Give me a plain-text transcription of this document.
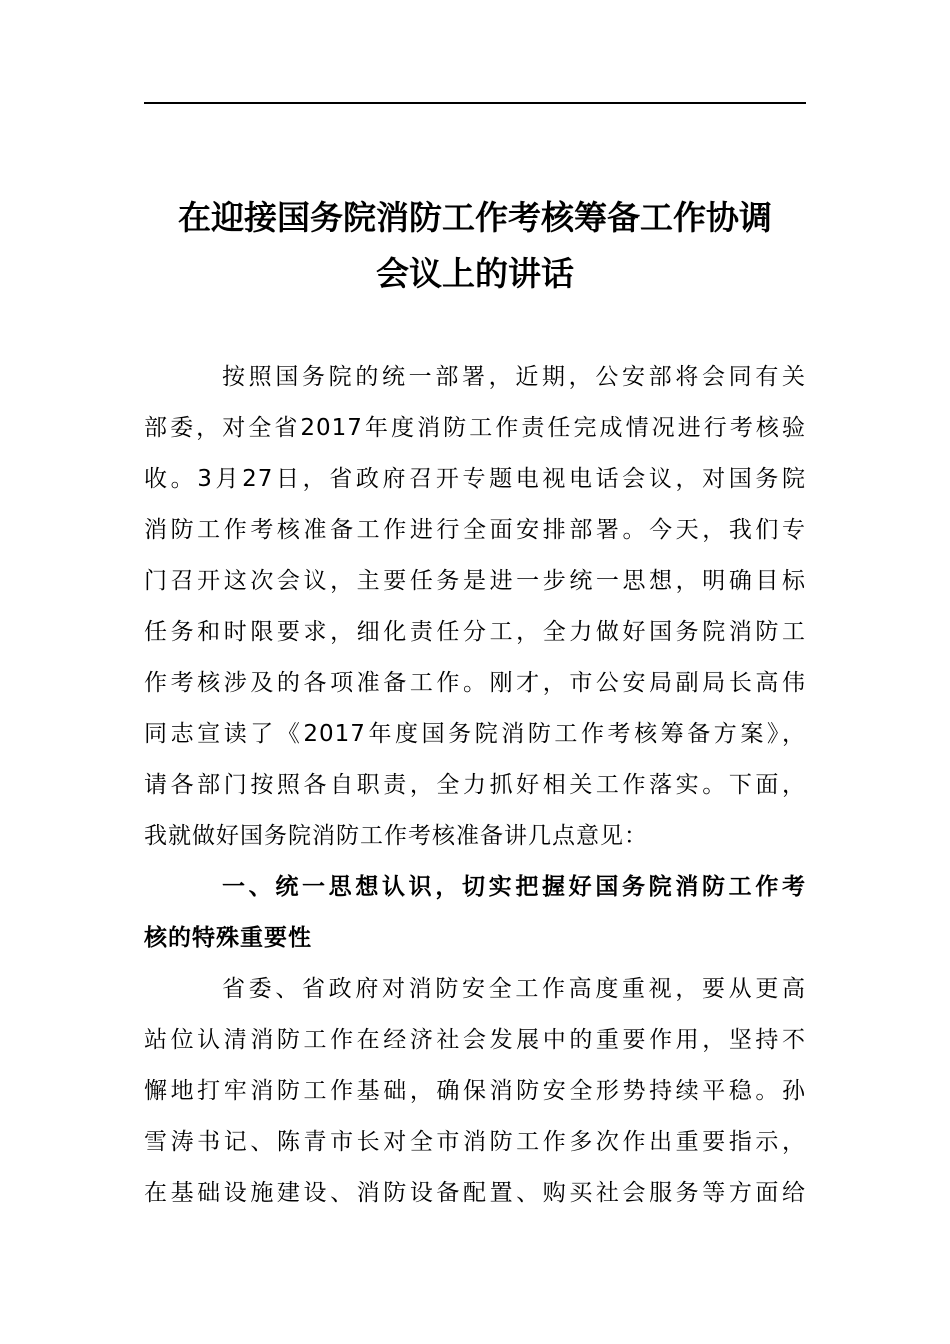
在迎接国务院消防工作考核筹备工作协调
会议上的讲话
按照国务院的统一部署，近期，公安部将会同有关
部委，对全省2017年度消防工作责任完成情况进行考核验
收。3月27日，省政府召开专题电视电话会议，对国务院
消防工作考核准备工作进行全面安排部署。今天，我们专
门召开这次会议，主要任务是进一步统一思想，明确目标
任务和时限要求，细化责任分工，全力做好国务院消防工
作考核涉及的各项准备工作。刚才，市公安局副局长高伟
同志宣读了《2017年度国务院消防工作考核筹备方案》，
请各部门按照各自职责，全力抓好相关工作落实。下面，
我就做好国务院消防工作考核准备讲几点意见：
一、统一思想认识，切实把握好国务院消防工作考
核的特殊重要性
省委、省政府对消防安全工作高度重视，要从更高
站位认清消防工作在经济社会发展中的重要作用，坚持不
懈地打牢消防工作基础，确保消防安全形势持续平稳。孙
雪涛书记、陈青市长对全市消防工作多次作出重要指示，
在基础设施建设、消防设备配置、购买社会服务等方面给
